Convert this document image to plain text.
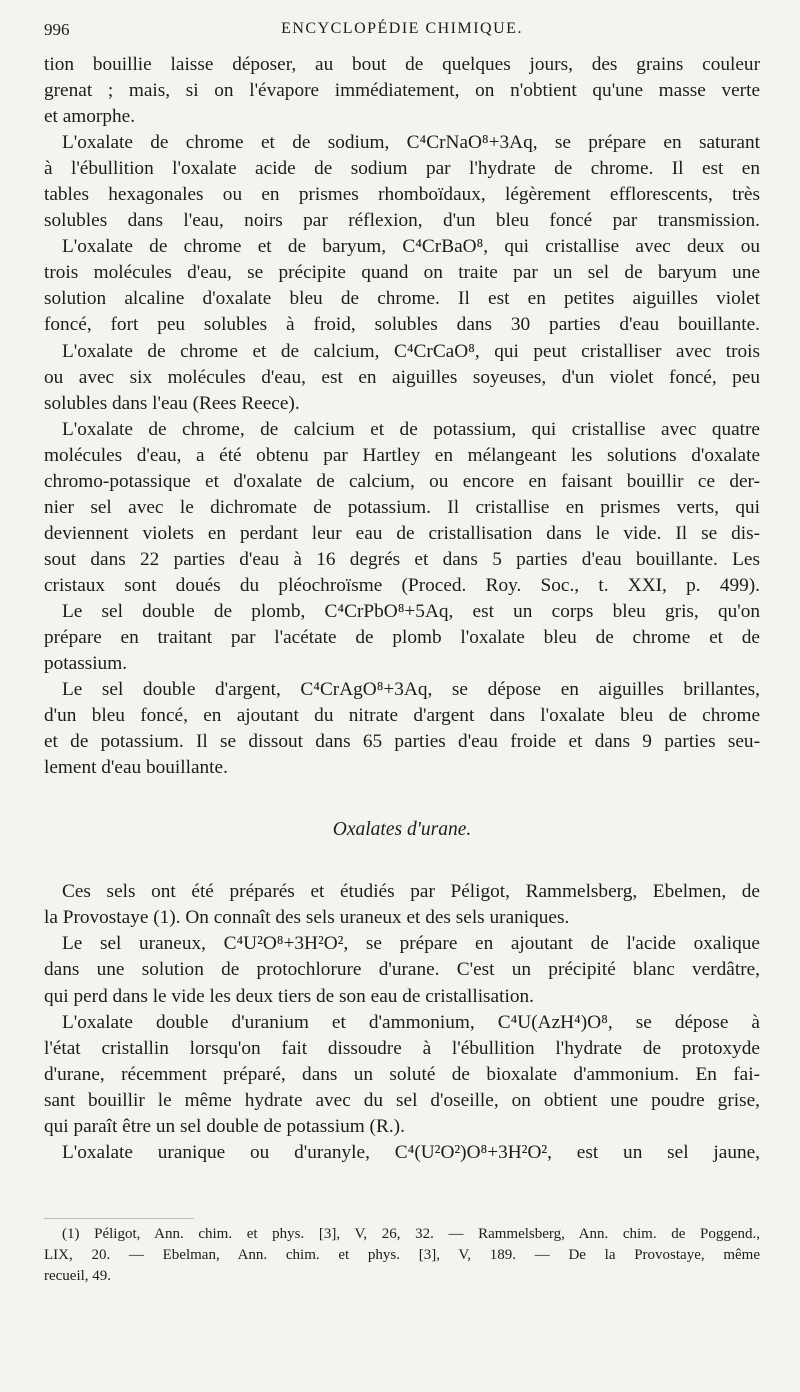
996	ENCYCLOPÉDIE CHIMIQUE.
tion bouillie laisse déposer, au bout de quelques jours, des grains couleur
grenat ; mais, si on l'évapore immédiatement, on n'obtient qu'une masse verte
et amorphe.
L'oxalate de chrome et de sodium, C⁴CrNaO⁸+3Aq, se prépare en saturant
à l'ébullition l'oxalate acide de sodium par l'hydrate de chrome. Il est en
tables hexagonales ou en prismes rhomboïdaux, légèrement efflorescents, très
solubles dans l'eau, noirs par réflexion, d'un bleu foncé par transmission.
L'oxalate de chrome et de baryum, C⁴CrBaO⁸, qui cristallise avec deux ou
trois molécules d'eau, se précipite quand on traite par un sel de baryum une
solution alcaline d'oxalate bleu de chrome. Il est en petites aiguilles violet
foncé, fort peu solubles à froid, solubles dans 30 parties d'eau bouillante.
L'oxalate de chrome et de calcium, C⁴CrCaO⁸, qui peut cristalliser avec trois
ou avec six molécules d'eau, est en aiguilles soyeuses, d'un violet foncé, peu
solubles dans l'eau (Rees Reece).
L'oxalate de chrome, de calcium et de potassium, qui cristallise avec quatre
molécules d'eau, a été obtenu par Hartley en mélangeant les solutions d'oxalate
chromo-potassique et d'oxalate de calcium, ou encore en faisant bouillir ce der-
nier sel avec le dichromate de potassium. Il cristallise en prismes verts, qui
deviennent violets en perdant leur eau de cristallisation dans le vide. Il se dis-
sout dans 22 parties d'eau à 16 degrés et dans 5 parties d'eau bouillante. Les
cristaux sont doués du pléochroïsme (Proced. Roy. Soc., t. XXI, p. 499).
Le sel double de plomb, C⁴CrPbO⁸+5Aq, est un corps bleu gris, qu'on
prépare en traitant par l'acétate de plomb l'oxalate bleu de chrome et de
potassium.
Le sel double d'argent, C⁴CrAgO⁸+3Aq, se dépose en aiguilles brillantes,
d'un bleu foncé, en ajoutant du nitrate d'argent dans l'oxalate bleu de chrome
et de potassium. Il se dissout dans 65 parties d'eau froide et dans 9 parties seu-
lement d'eau bouillante.
Oxalates d'urane.
Ces sels ont été préparés et étudiés par Péligot, Rammelsberg, Ebelmen, de
la Provostaye (1). On connaît des sels uraneux et des sels uraniques.
Le sel uraneux, C⁴U²O⁸+3H²O², se prépare en ajoutant de l'acide oxalique
dans une solution de protochlorure d'urane. C'est un précipité blanc verdâtre,
qui perd dans le vide les deux tiers de son eau de cristallisation.
L'oxalate double d'uranium et d'ammonium, C⁴U(AzH⁴)O⁸, se dépose à
l'état cristallin lorsqu'on fait dissoudre à l'ébullition l'hydrate de protoxyde
d'urane, récemment préparé, dans un soluté de bioxalate d'ammonium. En fai-
sant bouillir le même hydrate avec du sel d'oseille, on obtient une poudre grise,
qui paraît être un sel double de potassium (R.).
L'oxalate uranique ou d'uranyle, C⁴(U²O²)O⁸+3H²O², est un sel jaune,
(1) Péligot, Ann. chim. et phys. [3], V, 26, 32. — Rammelsberg, Ann. chim. de Poggend.,
LIX, 20. — Ebelman, Ann. chim. et phys. [3], V, 189. — De la Provostaye, même
recueil, 49.
